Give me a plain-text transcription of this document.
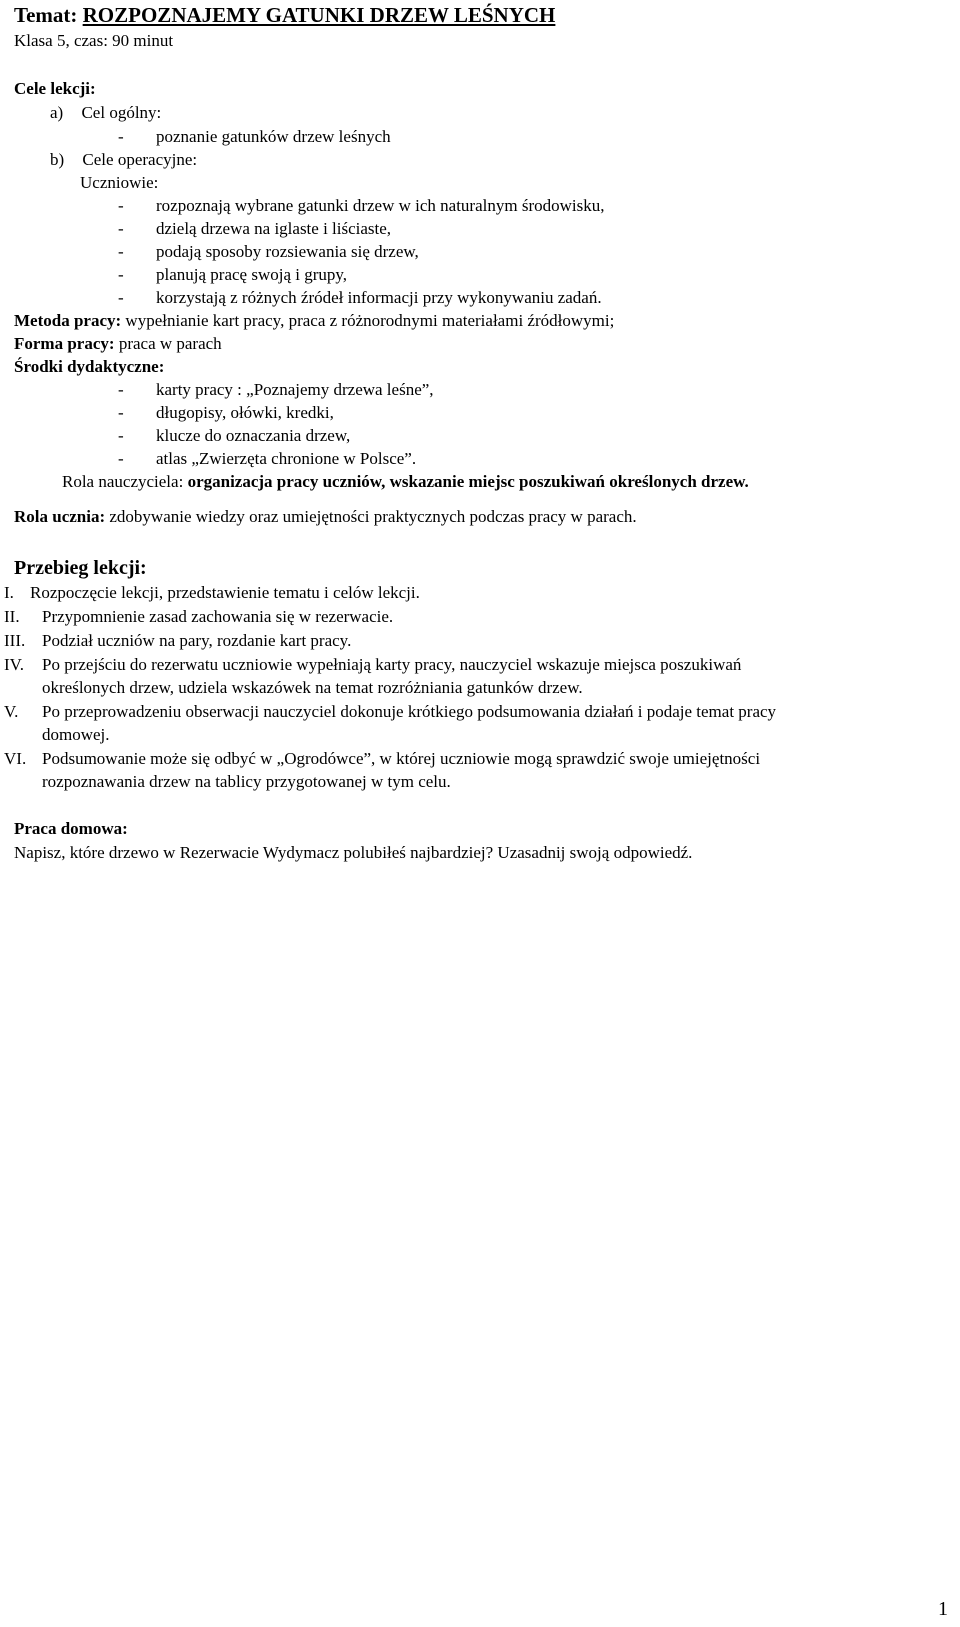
Temat: ROZPOZNAJEMY GATUNKI DRZEW LEŚNYCH
Klasa 5, czas: 90 minut
Cele lekcji:
a) Cel ogólny:
- poznanie gatunków drzew leśnych
b) Cele operacyjne:
Uczniowie:
- rozpoznają wybrane gatunki drzew w ich naturalnym środowisku,
- dzielą drzewa na iglaste i liściaste,
- podają sposoby rozsiewania się drzew,
- planują pracę swoją i grupy,
- korzystają z różnych źródeł informacji przy wykonywaniu zadań.
Metoda pracy: wypełnianie kart pracy, praca z różnorodnymi materiałami źródłowymi;
Forma pracy: praca w parach
Środki dydaktyczne:
- karty pracy : „Poznajemy drzewa leśne”,
- długopisy, ołówki, kredki,
- klucze do oznaczania drzew,
- atlas „Zwierzęta chronione w Polsce”.
Rola nauczyciela: organizacja pracy uczniów, wskazanie miejsc poszukiwań określonych drzew.
Rola ucznia: zdobywanie wiedzy oraz umiejętności praktycznych podczas pracy w parach.
Przebieg lekcji:
I. Rozpoczęcie lekcji, przedstawienie tematu i celów lekcji.
II. Przypomnienie zasad zachowania się w rezerwacie.
III. Podział uczniów na pary, rozdanie kart pracy.
IV. Po przejściu do rezerwatu uczniowie wypełniają karty pracy, nauczyciel wskazuje miejsca poszukiwań
określonych drzew, udziela wskazówek na temat rozróżniania gatunków drzew.
V. Po przeprowadzeniu obserwacji nauczyciel dokonuje krótkiego podsumowania działań i podaje temat pracy
domowej.
VI. Podsumowanie może się odbyć w „Ogrodówce”, w której uczniowie mogą sprawdzić swoje umiejętności
rozpoznawania drzew na tablicy przygotowanej w tym celu.
Praca domowa:
Napisz, które drzewo w Rezerwacie Wydymacz polubiłeś najbardziej? Uzasadnij swoją odpowiedź.
1
